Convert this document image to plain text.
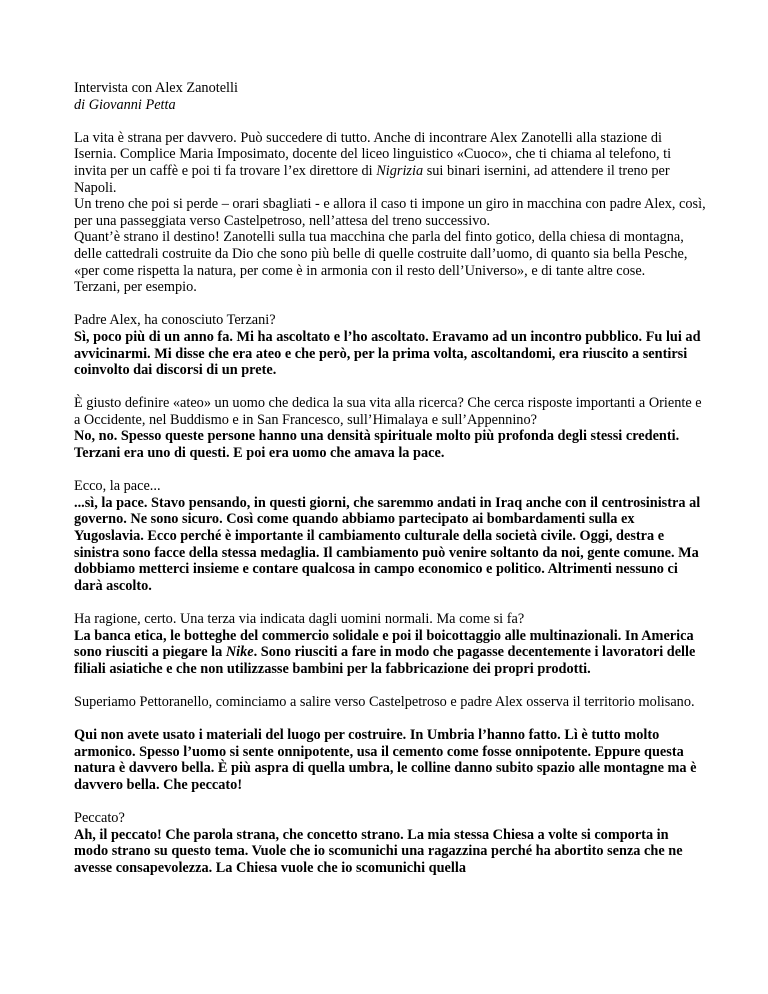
Intervista con Alex Zanotelli
di Giovanni Petta

La vita è strana per davvero. Può succedere di tutto. Anche di incontrare Alex Zanotelli alla stazione di Isernia. Complice Maria Imposimato, docente del liceo linguistico «Cuoco», che ti chiama al telefono, ti invita per un caffè e poi ti fa trovare l’ex direttore di Nigrizia sui binari isernini, ad attendere il treno per Napoli.
Un treno che poi si perde – orari sbagliati - e allora il caso ti impone un giro in macchina con padre Alex, così, per una passeggiata verso Castelpetroso, nell’attesa del treno successivo.
Quant’è strano il destino! Zanotelli sulla tua macchina che parla del finto gotico, della chiesa di montagna, delle cattedrali costruite da Dio che sono più belle di quelle costruite dall’uomo, di quanto sia bella Pesche, «per come rispetta la natura, per come è in armonia con il resto dell’Universo», e di tante altre cose.
Terzani, per esempio.

Padre Alex, ha conosciuto Terzani?
Sì, poco più di un anno fa. Mi ha ascoltato e l’ho ascoltato. Eravamo ad un incontro pubblico. Fu lui ad avvicinarmi. Mi disse che era ateo e che però, per la prima volta, ascoltandomi, era riuscito a sentirsi coinvolto dai discorsi di un prete.

È giusto definire «ateo» un uomo che dedica la sua vita alla ricerca? Che cerca risposte importanti a Oriente e a Occidente, nel Buddismo e in San Francesco, sull’Himalaya e sull’Appennino?
No, no. Spesso queste persone hanno una densità spirituale molto più profonda degli stessi credenti. Terzani era uno di questi. E poi era uomo che amava la pace.

Ecco, la pace...
...sì, la pace. Stavo pensando, in questi giorni, che saremmo andati in Iraq anche con il centrosinistra al governo. Ne sono sicuro. Così come quando abbiamo partecipato ai bombardamenti sulla ex Yugoslavia. Ecco perché è importante il cambiamento culturale della società civile. Oggi, destra e sinistra sono facce della stessa medaglia. Il cambiamento può venire soltanto da noi, gente comune. Ma dobbiamo metterci insieme e contare qualcosa in campo economico e politico. Altrimenti nessuno ci darà ascolto.

Ha ragione, certo. Una terza via indicata dagli uomini normali. Ma come si fa?
La banca etica, le botteghe del commercio solidale e poi il boicottaggio alle multinazionali. In America sono riusciti a piegare la Nike. Sono riusciti a fare in modo che pagasse decentemente i lavoratori delle filiali asiatiche e che non utilizzasse bambini per la fabbricazione dei propri prodotti.

Superiamo Pettoranello, cominciamo a salire verso Castelpetroso e padre Alex osserva il territorio molisano.

Qui non avete usato i materiali del luogo per costruire. In Umbria l’hanno fatto. Lì è tutto molto armonico. Spesso l’uomo si sente onnipotente, usa il cemento come fosse onnipotente. Eppure questa natura è davvero bella. È più aspra di quella umbra, le colline danno subito spazio alle montagne ma è davvero bella. Che peccato!

Peccato?
Ah, il peccato! Che parola strana, che concetto strano. La mia stessa Chiesa a volte si comporta in modo strano su questo tema. Vuole che io scomunichi una ragazzina perché ha abortito senza che ne avesse consapevolezza. La Chiesa vuole che io scomunichi quella
